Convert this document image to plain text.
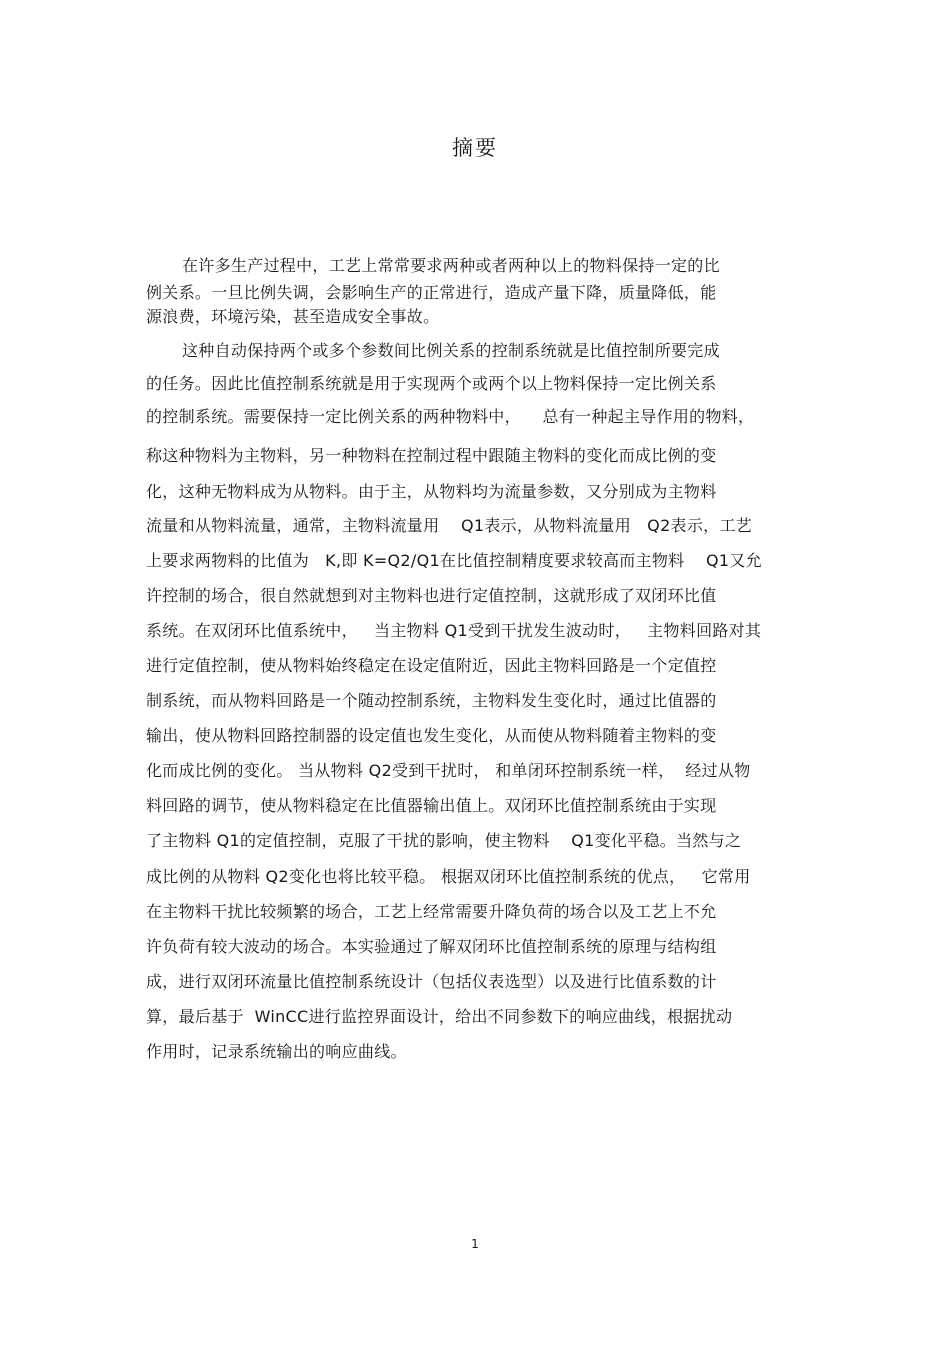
摘要
在许多生产过程中，工艺上常常要求两种或者两种以上的物料保持一定的比
例关系。一旦比例失调，会影响生产的正常进行，造成产量下降，质量降低，能
源浪费，环境污染，甚至造成安全事故。
这种自动保持两个或多个参数间比例关系的控制系统就是比值控制所要完成
的任务。因此比值控制系统就是用于实现两个或两个以上物料保持一定比例关系
的控制系统。需要保持一定比例关系的两种物料中，    总有一种起主导作用的物料，
称这种物料为主物料，另一种物料在控制过程中跟随主物料的变化而成比例的变
化，这种无物料成为从物料。由于主，从物料均为流量参数，又分别成为主物料
流量和从物料流量，通常，主物料流量用    Q1表示，从物料流量用   Q2表示，工艺
上要求两物料的比值为   K,即 K=Q2/Q1在比值控制精度要求较高而主物料    Q1又允
许控制的场合，很自然就想到对主物料也进行定值控制，这就形成了双闭环比值
系统。在双闭环比值系统中，   当主物料 Q1受到干扰发生波动时，   主物料回路对其
进行定值控制，使从物料始终稳定在设定值附近，因此主物料回路是一个定值控
制系统，而从物料回路是一个随动控制系统，主物料发生变化时，通过比值器的
输出，使从物料回路控制器的设定值也发生变化，从而使从物料随着主物料的变
化而成比例的变化。 当从物料 Q2受到干扰时， 和单闭环控制系统一样，  经过从物
料回路的调节，使从物料稳定在比值器输出值上。双闭环比值控制系统由于实现
了主物料 Q1的定值控制，克服了干扰的影响，使主物料    Q1变化平稳。当然与之
成比例的从物料 Q2变化也将比较平稳。 根据双闭环比值控制系统的优点，   它常用
在主物料干扰比较频繁的场合，工艺上经常需要升降负荷的场合以及工艺上不允
许负荷有较大波动的场合。本实验通过了解双闭环比值控制系统的原理与结构组
成，进行双闭环流量比值控制系统设计（包括仪表选型）以及进行比值系数的计
算，最后基于  WinCC进行监控界面设计，给出不同参数下的响应曲线，根据扰动
作用时，记录系统输出的响应曲线。
1
